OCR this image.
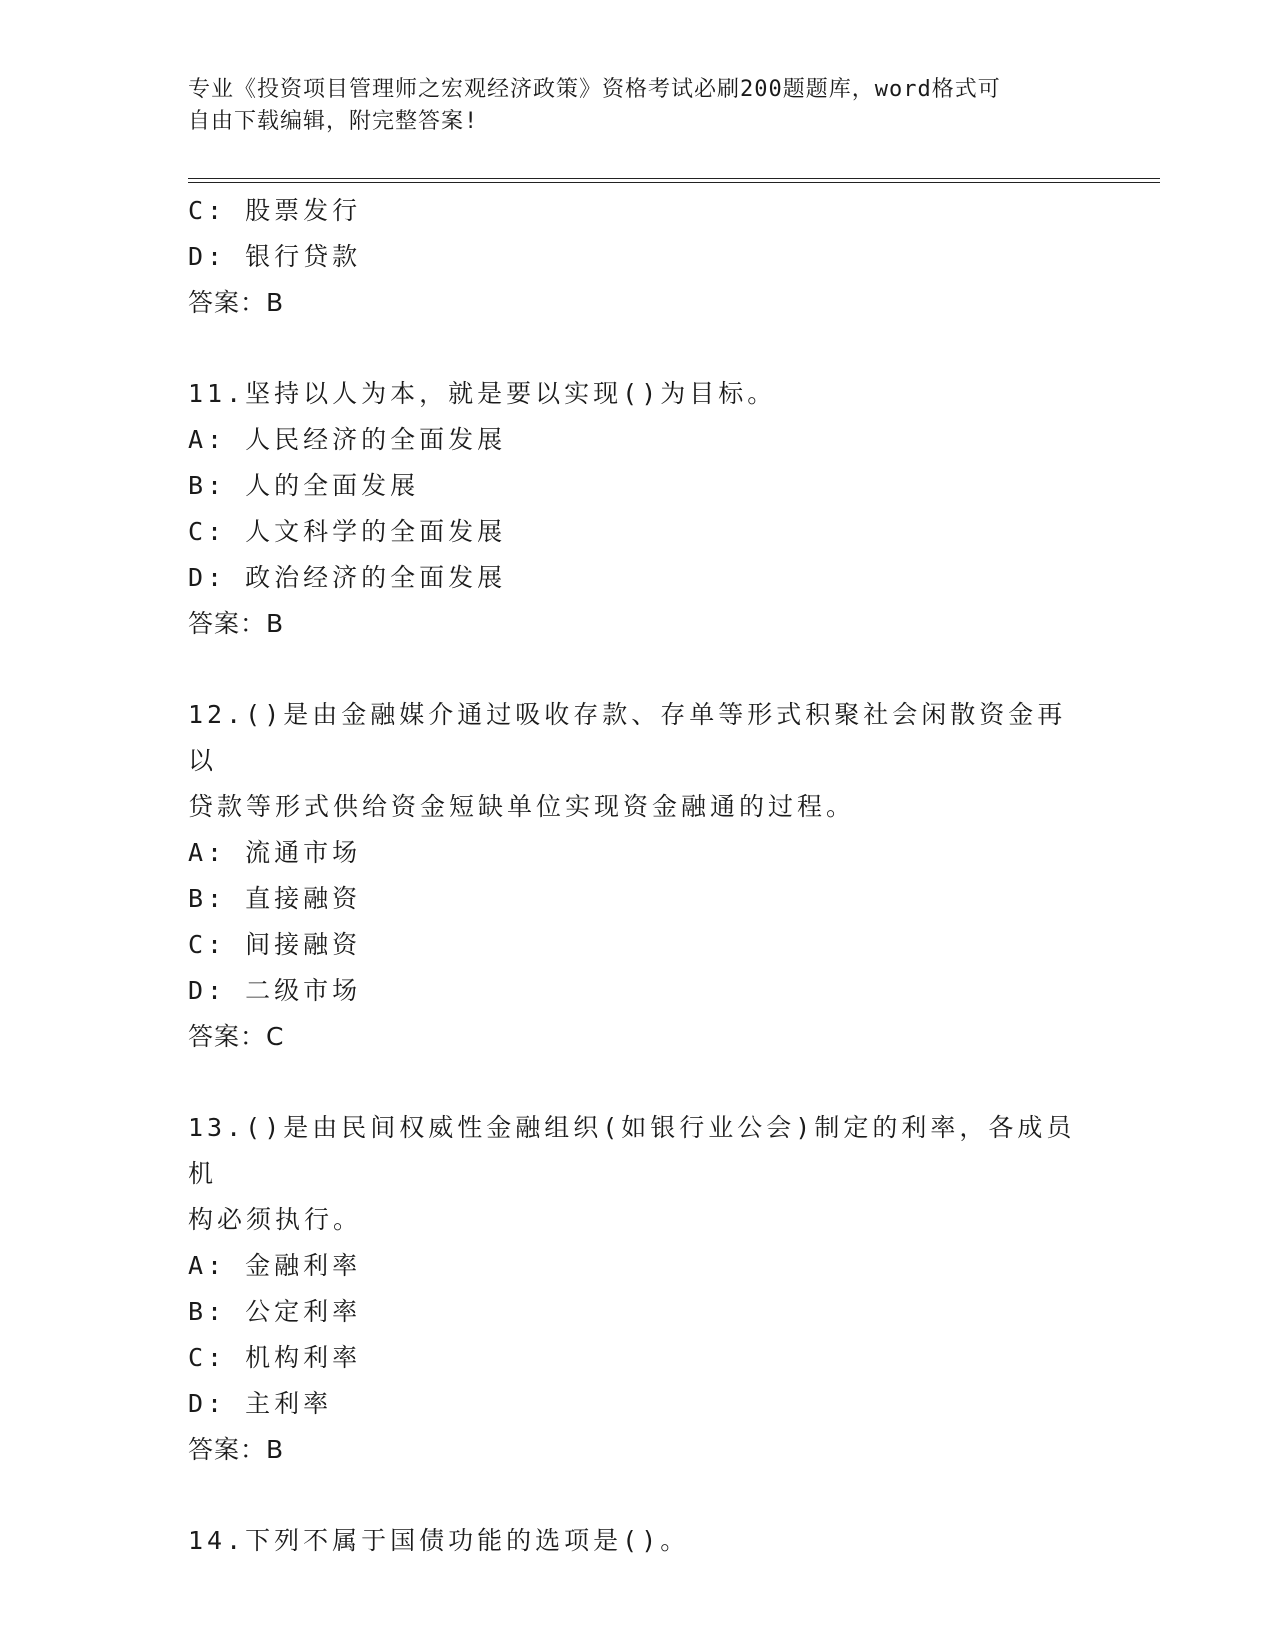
专业《投资项目管理师之宏观经济政策》资格考试必刷200题题库，word格式可
自由下载编辑，附完整答案!
C: 股票发行
D: 银行贷款
答案：B
11.坚持以人为本，就是要以实现()为目标。
A: 人民经济的全面发展
B: 人的全面发展
C: 人文科学的全面发展
D: 政治经济的全面发展
答案：B
12.()是由金融媒介通过吸收存款、存单等形式积聚社会闲散资金再以
贷款等形式供给资金短缺单位实现资金融通的过程。
A: 流通市场
B: 直接融资
C: 间接融资
D: 二级市场
答案：C
13.()是由民间权威性金融组织(如银行业公会)制定的利率，各成员机
构必须执行。
A: 金融利率
B: 公定利率
C: 机构利率
D: 主利率
答案：B
14.下列不属于国债功能的选项是()。
